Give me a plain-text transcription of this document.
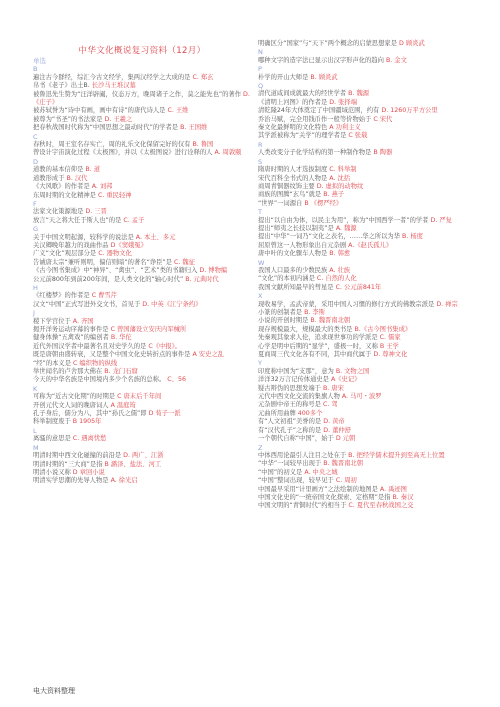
中华文化概说复习资料（12月）
单选
B
遍注古今群经，综汇今古文经学，集两汉经学之大成的是 C. 郑玄
帛书《老子》出土B. 长沙马王堆汉墓
被鲁迅先生赞为“汪洋辟阖，仪态万方，晚周诸子之作，莫之能先也”的著作 D.《庄子》
被苏轼誉为“诗中有画，画中有诗”的唐代诗人是 C. 王维
被尊为“书圣”的书法家是 D. 王羲之
把春秋战国时代称为“中国思想之最动时代”的学者是 B. 王国维
C
春秋时，周王室名存实亡，周的礼乐文化保留完好的仅有 B. 鲁国
曾设计宇宙演化过程《太极图》，并以《太极图说》进行诠释的人 A. 周敦颐
D
道教的基本信仰是 B. 道
道教形成于 B. 汉代
《大风歌》的作者是 A. 刘邦
东周时期的文化精神是 C. 重民轻神
F
法家文化策源地是 D. 三晋
放言“天之将大任于斯人也”的是 C. 孟子
G
关于中国文明起源，较科学的说法是 A. 本土、多元
关汉卿晚年越力的戏曲作品 D《窦娥冤》
广义“文化”观层部分是 C. 器物文化
告诫唐太宗“兼听则明，偏信则暗”的著名“诤臣”是 C. 魏征
《古今图书集成》中“神异”、“禽虫”、“艺术”类的书籍归入 D. 博物编
公元前800年到前200年间，是人类文化的“轴心时代” B. 元典时代
H
《红楼梦》的作者是 C 曹雪芹
汉文“中国”正式写进外交文书，首见于 D. 中英《江宁条约》
J
稷下学宫位于 A. 齐国
揭开洋务运动序幕的事件是 C 曾国藩设立安庆内军械所
健身体操“五禽戏”的编创者 B. 华佗
近代外国汉学者中最著名且对史学久的是 C《中报》。
既是唐朝由盛转衰，又是整个中国文化史转折点的事件是 A 安史之乱
“经”的本义是 C 编织物的纵线
举世闻名的卢舍那大佛在 B. 龙门石窟
今天的中华名族是中国境内多少个名族的总称。 C、56
K
可称为“近古文化期”的时期是 C 唐末后千年间
开创元代文人词的晚唐词人 A 温庭筠
孔子身后，儒分为八，其中“孙氏之儒”即 D 荀子一派
科举制度废于 B 1905年
L
离骚的意思是 C. 遇离忧愁
M
明清时期中西文化碰撞的前沿是 D. 两广、江浙
明清时期的“三大商”是指 B 潞泽、盐法、河工
明清小说又称 D 章回小说
明清实学思潮的先导人物是 A. 徐光启
明确区分“国家”与“天下”两个概念的启蒙思想家是 D 顾炎武
N
哪种文字的造字法已显示出汉字形声化的趋向 B. 金文
P
朴学的开山大师是 B. 顾炎武
Q
清代道咸间成就最大的经世学者 B. 魏源
《清明上河图》的作者是 D. 张择端
清乾隆24年大体奠定了中国疆域范围，约有 D. 1260万平方公里
乔治马赋，完全用钱币作一般等价物始于 C 宋代
秦文化最鲜明的文化特色 A 功利主义
其学派被称为“关学”的理学者是 C 张载
R
人类改变分子化学结构的第一种制作物是 B 陶器
S
隋唐时期的人才选拔制度 C. 科举制
宋代百科全书式的人物是 A. 沈括
商周青铜器纹饰主要 D. 虚拟的动物纹
商族的图腾“玄鸟”就是 B. 燕子
“世界”一词源自 B 《楞严经》
T
提出“以自由为体，以民主为用”，称为“中国西学一者”的学者 D. 严复
提出“师夷之长技以制夷”是 A. 魏源
提出“中华”一词乃“文化之表名，……华之所以为华 B. 杨度
屈原曾这一人物形象出自元杂剧 A.《赵氏孤儿》
唐中叶的文化骤车人物是 B. 韩愈
W
我国人口最多的少数民族 A. 壮族
“文化”的本初内涵是 C. 自然的人化
我国文献所知最早的彗星是 C. 公元前841年
X
现收易学，孟武帝蒙，采用中国人习惯的修行方式的佛教宗派是 D. 禅宗
小篆的创制者是 B. 李斯
小说的开创时期是 B. 魏晋南北朝
现存规模最大，规模最大的类书是 B.《古今图书集成》
先秦观其象求人伦，追求现世事功的学派是 C. 儒家
心学是明中后期的“显学”，盛极一时，又称 B 王学
夏商周三代文化各有不同，其中商代属于 D. 尊神文化
Y
印度称中国为“支那”，意为 B. 文物之国
洋洋32万言记传体通史是 A《史记》
疑古辩伪的思想发端于 B. 唐宋
元代中西文化交流的集旗人物 A. 马可・波罗
元杂剧中帝王的称号是 C. 驾
元曲所用曲牌 400多个
有“人文初祖”美誉的是 D. 黄帝
有“汉代孔子”之称的是 D. 董仲舒
一个朝代自称“中国”，始于 D 元朝
Z
中体西用论最引人注目之处在于 B. 把经学儒术提升到至高无上位置
“中华”一词较早出现于 B. 魏晋南北朝
“中国”的初义是 A. 中央之城
“中国”整词出现，较早见于 C. 周初
中国最早采用“计里画方”之法绘制的地图是 A. 禹迹图
中国文化史的“一统帝国文化探索、定格期”是指 B. 秦汉
中国文明的“青铜时代”约相当于 C. 夏代至春秋战国之交
电大资料整理
